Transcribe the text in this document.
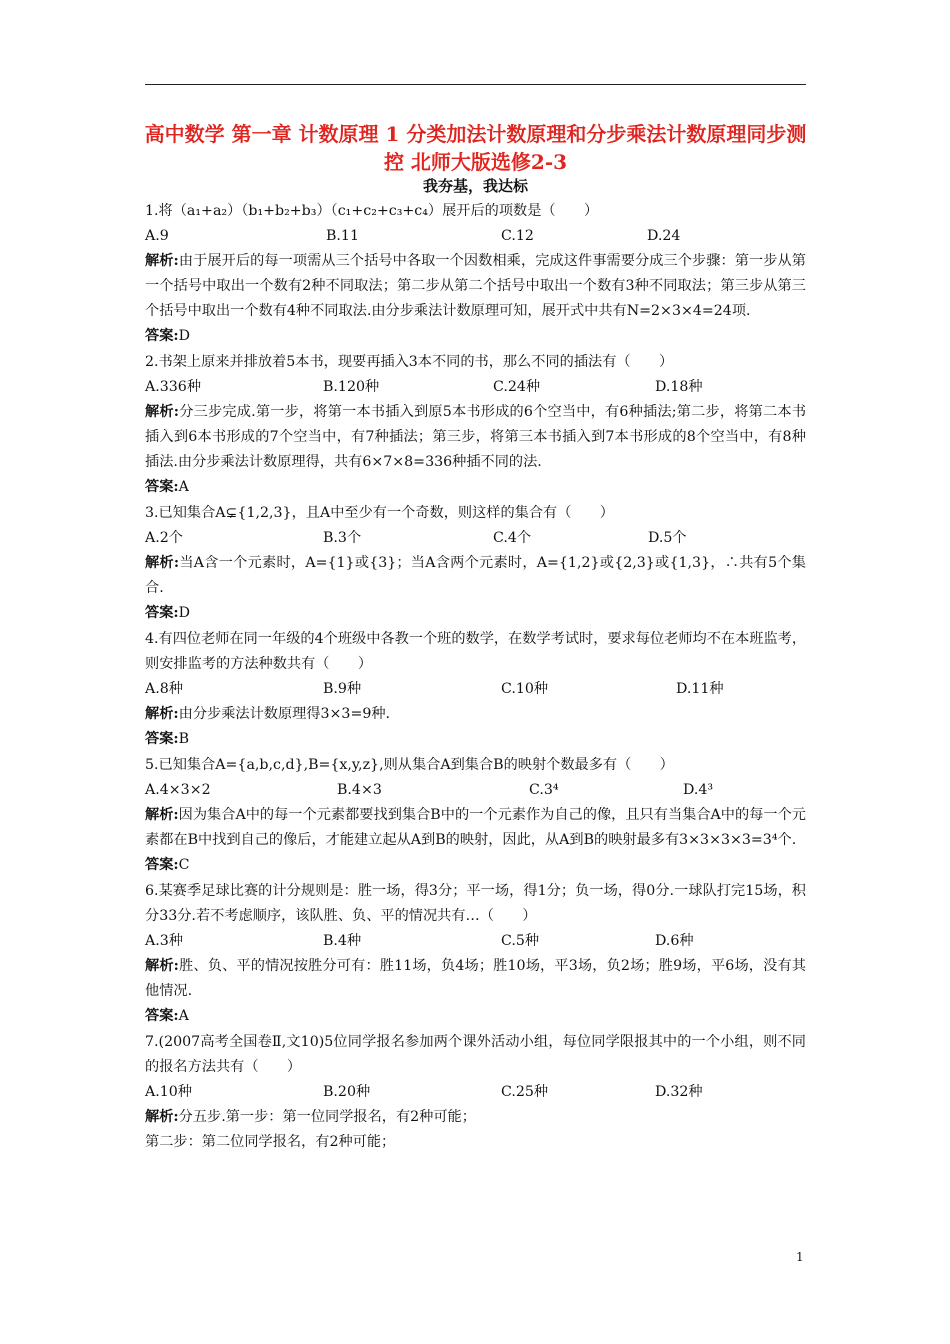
高中数学 第一章 计数原理 1 分类加法计数原理和分步乘法计数原理同步测控 北师大版选修2-3
我夯基，我达标

1.将（a₁+a₂）（b₁+b₂+b₃）（c₁+c₂+c₃+c₄）展开后的项数是（　　）

A.9	B.11	C.12	D.24

解析:由于展开后的每一项需从三个括号中各取一个因数相乘，完成这件事需要分成三个步骤：第一步从第一个括号中取出一个数有2种不同取法；第二步从第二个括号中取出一个数有3种不同取法；第三步从第三个括号中取出一个数有4种不同取法.由分步乘法计数原理可知，展开式中共有N=2×3×4=24项.

答案:D

2.书架上原来并排放着5本书，现要再插入3本不同的书，那么不同的插法有（　　）

A.336种	B.120种	C.24种	D.18种

解析:分三步完成.第一步，将第一本书插入到原5本书形成的6个空当中，有6种插法;第二步，将第二本书插入到6本书形成的7个空当中，有7种插法；第三步，将第三本书插入到7本书形成的8个空当中，有8种插法.由分步乘法计数原理得，共有6×7×8=336种插不同的法.

答案:A

3.已知集合A⊊{1,2,3}，且A中至少有一个奇数，则这样的集合有（　　）

A.2个	B.3个	C.4个	D.5个

解析:当A含一个元素时，A={1}或{3}；当A含两个元素时，A={1,2}或{2,3}或{1,3}，∴共有5个集合.

答案:D

4.有四位老师在同一年级的4个班级中各教一个班的数学，在数学考试时，要求每位老师均不在本班监考，则安排监考的方法种数共有（　　）

A.8种	B.9种	C.10种	D.11种

解析:由分步乘法计数原理得3×3=9种.

答案:B

5.已知集合A={a,b,c,d},B={x,y,z},则从集合A到集合B的映射个数最多有（　　）

A.4×3×2	B.4×3	C.3⁴	D.4³

解析:因为集合A中的每一个元素都要找到集合B中的一个元素作为自己的像，且只有当集合A中的每一个元素都在B中找到自己的像后，才能建立起从A到B的映射，因此，从A到B的映射最多有3×3×3×3=3⁴个.

答案:C

6.某赛季足球比赛的计分规则是：胜一场，得3分；平一场，得1分；负一场，得0分.一球队打完15场，积分33分.若不考虑顺序，该队胜、负、平的情况共有…（　　）

A.3种	B.4种	C.5种	D.6种

解析:胜、负、平的情况按胜分可有：胜11场，负4场；胜10场，平3场，负2场；胜9场，平6场，没有其他情况.

答案:A

7.(2007高考全国卷Ⅱ,文10)5位同学报名参加两个课外活动小组，每位同学限报其中的一个小组，则不同的报名方法共有（　　）

A.10种	B.20种	C.25种	D.32种

解析:分五步.第一步：第一位同学报名，有2种可能；

第二步：第二位同学报名，有2种可能；

1
